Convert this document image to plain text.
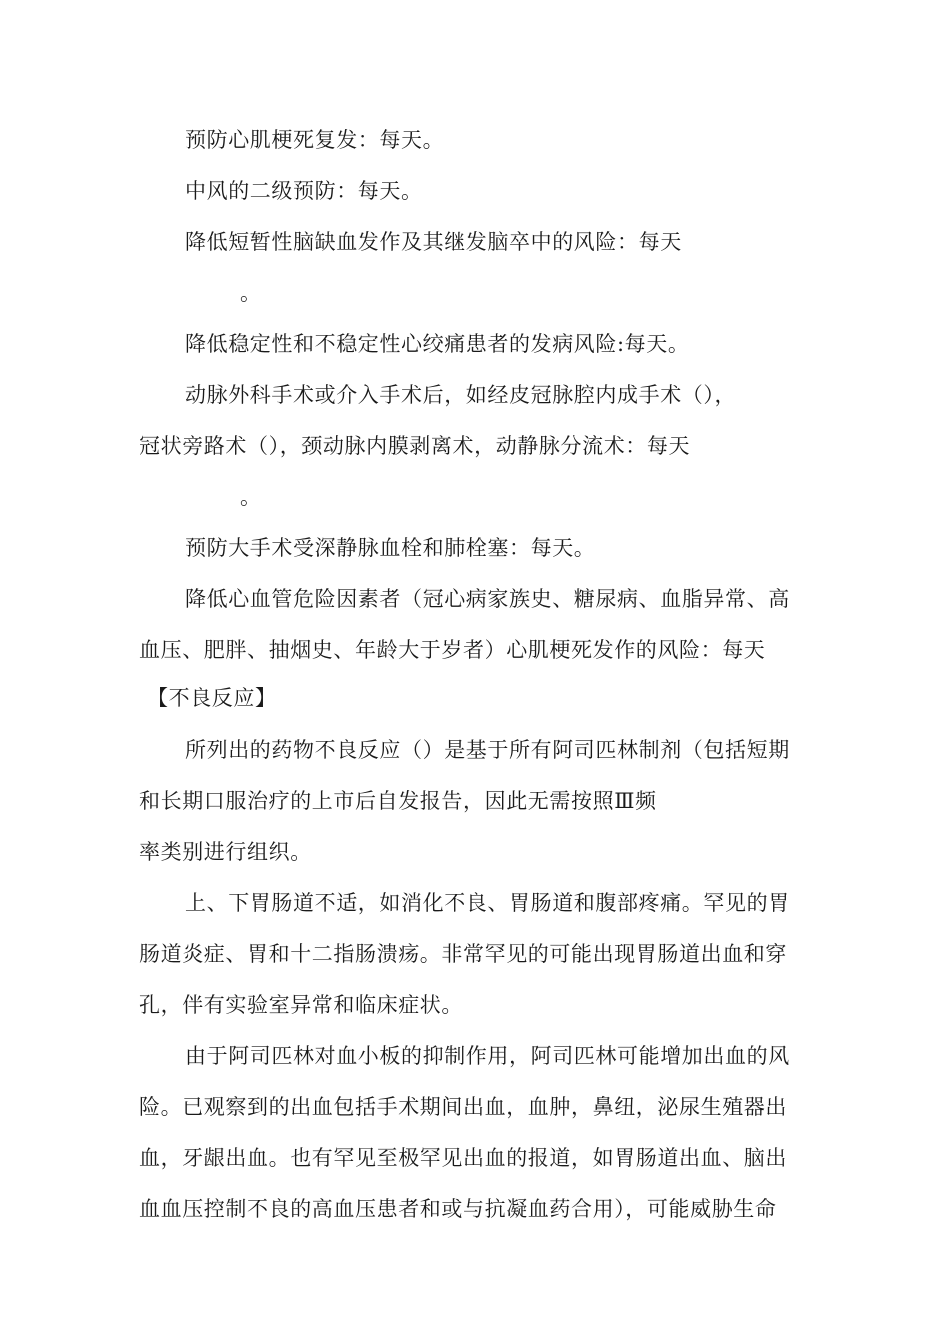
预防心肌梗死复发：每天。
中风的二级预防：每天。
降低短暂性脑缺血发作及其继发脑卒中的风险：每天
。
降低稳定性和不稳定性心绞痛患者的发病风险:每天。
动脉外科手术或介入手术后，如经皮冠脉腔内成手术（），
冠状旁路术（），颈动脉内膜剥离术，动静脉分流术：每天
。
预防大手术受深静脉血栓和肺栓塞：每天。
降低心血管危险因素者（冠心病家族史、糖尿病、血脂异常、高
血压、肥胖、抽烟史、年龄大于岁者）心肌梗死发作的风险：每天
【不良反应】
所列出的药物不良反应（）是基于所有阿司匹林制剂（包括短期
和长期口服治疗的上市后自发报告，因此无需按照Ⅲ频
率类别进行组织。
上、下胃肠道不适，如消化不良、胃肠道和腹部疼痛。罕见的胃
肠道炎症、胃和十二指肠溃疡。非常罕见的可能出现胃肠道出血和穿
孔，伴有实验室异常和临床症状。
由于阿司匹林对血小板的抑制作用，阿司匹林可能增加出血的风
险。已观察到的出血包括手术期间出血，血肿，鼻纽，泌尿生殖器出
血，牙龈出血。也有罕见至极罕见出血的报道，如胃肠道出血、脑出
血血压控制不良的高血压患者和或与抗凝血药合用），可能威胁生命
